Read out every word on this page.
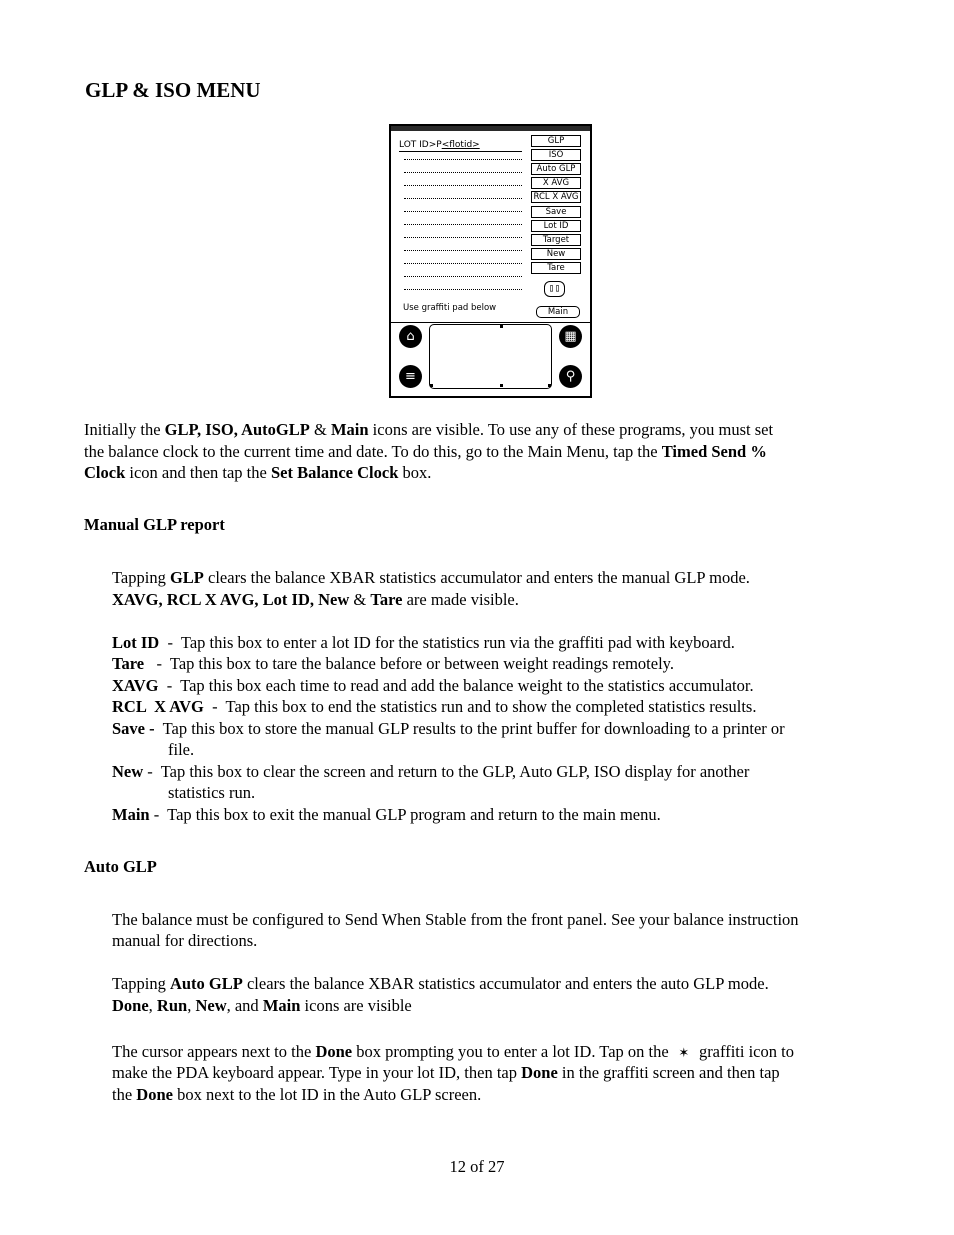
GLP & ISO MENU
LOT ID>P<flotid>	GLP
ISO
Auto GLP
X AVG
RCL X AVG
Save
Lot ID
Target
New
Tare
▯▯
Use graffiti pad below	Main
⌂	▦
≡	⚲
Initially the GLP, ISO, AutoGLP & Main icons are visible. To use any of these programs, you must set
the balance clock to the current time and date. To do this, go to the Main Menu, tap the Timed Send %
Clock icon and then tap the Set Balance Clock box.
Manual GLP report
Tapping GLP clears the balance XBAR statistics accumulator and enters the manual GLP mode.
XAVG, RCL X AVG, Lot ID, New & Tare are made visible.
Lot ID  -  Tap this box to enter a lot ID for the statistics run via the graffiti pad with keyboard.
Tare   -  Tap this box to tare the balance before or between weight readings remotely.
XAVG  -  Tap this box each time to read and add the balance weight to the statistics accumulator.
RCL  X AVG  -  Tap this box to end the statistics run and to show the completed statistics results.
Save -  Tap this box to store the manual GLP results to the print buffer for downloading to a printer or
file.
New -  Tap this box to clear the screen and return to the GLP, Auto GLP, ISO display for another
statistics run.
Main -  Tap this box to exit the manual GLP program and return to the main menu.
Auto GLP
The balance must be configured to Send When Stable from the front panel. See your balance instruction
manual for directions.
Tapping Auto GLP clears the balance XBAR statistics accumulator and enters the auto GLP mode.
Done, Run, New, and Main icons are visible
The cursor appears next to the Done box prompting you to enter a lot ID. Tap on the ✶ graffiti icon to
make the PDA keyboard appear. Type in your lot ID, then tap Done in the graffiti screen and then tap
the Done box next to the lot ID in the Auto GLP screen.
12 of 27
